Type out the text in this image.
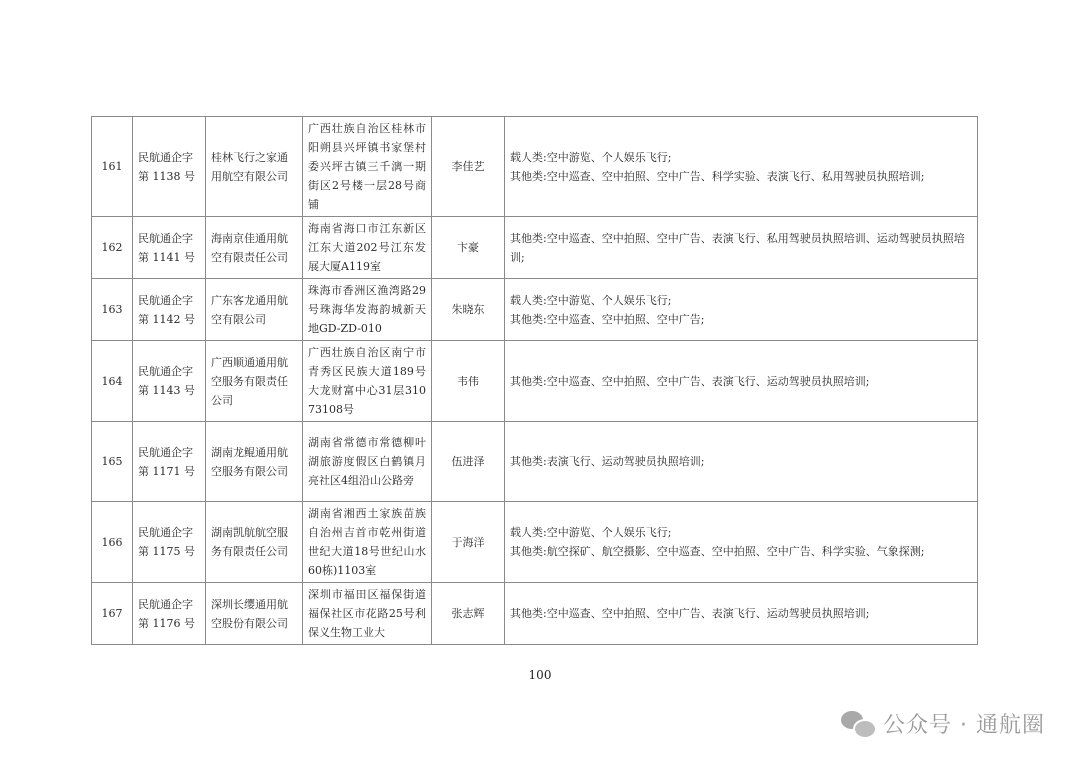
161	民航通企字第 1138 号	桂林飞行之家通用航空有限公司	广西壮族自治区桂林市阳朔县兴坪镇书家堡村委兴坪古镇三千漓一期街区2号楼一层28号商铺	李佳艺	载人类:空中游览、个人娱乐飞行;
其他类:空中巡查、空中拍照、空中广告、科学实验、表演飞行、私用驾驶员执照培训;

162	民航通企字第 1141 号	海南京佳通用航空有限责任公司	海南省海口市江东新区江东大道202号江东发展大厦A119室	卞豪	其他类:空中巡查、空中拍照、空中广告、表演飞行、私用驾驶员执照培训、运动驾驶员执照培训;

163	民航通企字第 1142 号	广东客龙通用航空有限公司	珠海市香洲区渔湾路29号珠海华发海韵城新天地GD-ZD-010	朱晓东	载人类:空中游览、个人娱乐飞行;
其他类:空中巡查、空中拍照、空中广告;

164	民航通企字第 1143 号	广西顺通通用航空服务有限责任公司	广西壮族自治区南宁市青秀区民族大道189号大龙财富中心31层31073108号	韦伟	其他类:空中巡查、空中拍照、空中广告、表演飞行、运动驾驶员执照培训;

165	民航通企字第 1171 号	湖南龙鲲通用航空服务有限公司	湖南省常德市常德柳叶湖旅游度假区白鹤镇月亮社区4组沿山公路旁	伍进泽	其他类:表演飞行、运动驾驶员执照培训;

166	民航通企字第 1175 号	湖南凯航航空服务有限责任公司	湖南省湘西土家族苗族自治州吉首市乾州街道世纪大道18号世纪山水60栋)1103室	于海洋	载人类:空中游览、个人娱乐飞行;
其他类:航空探矿、航空摄影、空中巡查、空中拍照、空中广告、科学实验、气象探测;

167	民航通企字第 1176 号	深圳长缨通用航空股份有限公司	深圳市福田区福保街道福保社区市花路25号利保义生物工业大	张志辉	其他类:空中巡查、空中拍照、空中广告、表演飞行、运动驾驶员执照培训;
100
公众号 · 通航圈
